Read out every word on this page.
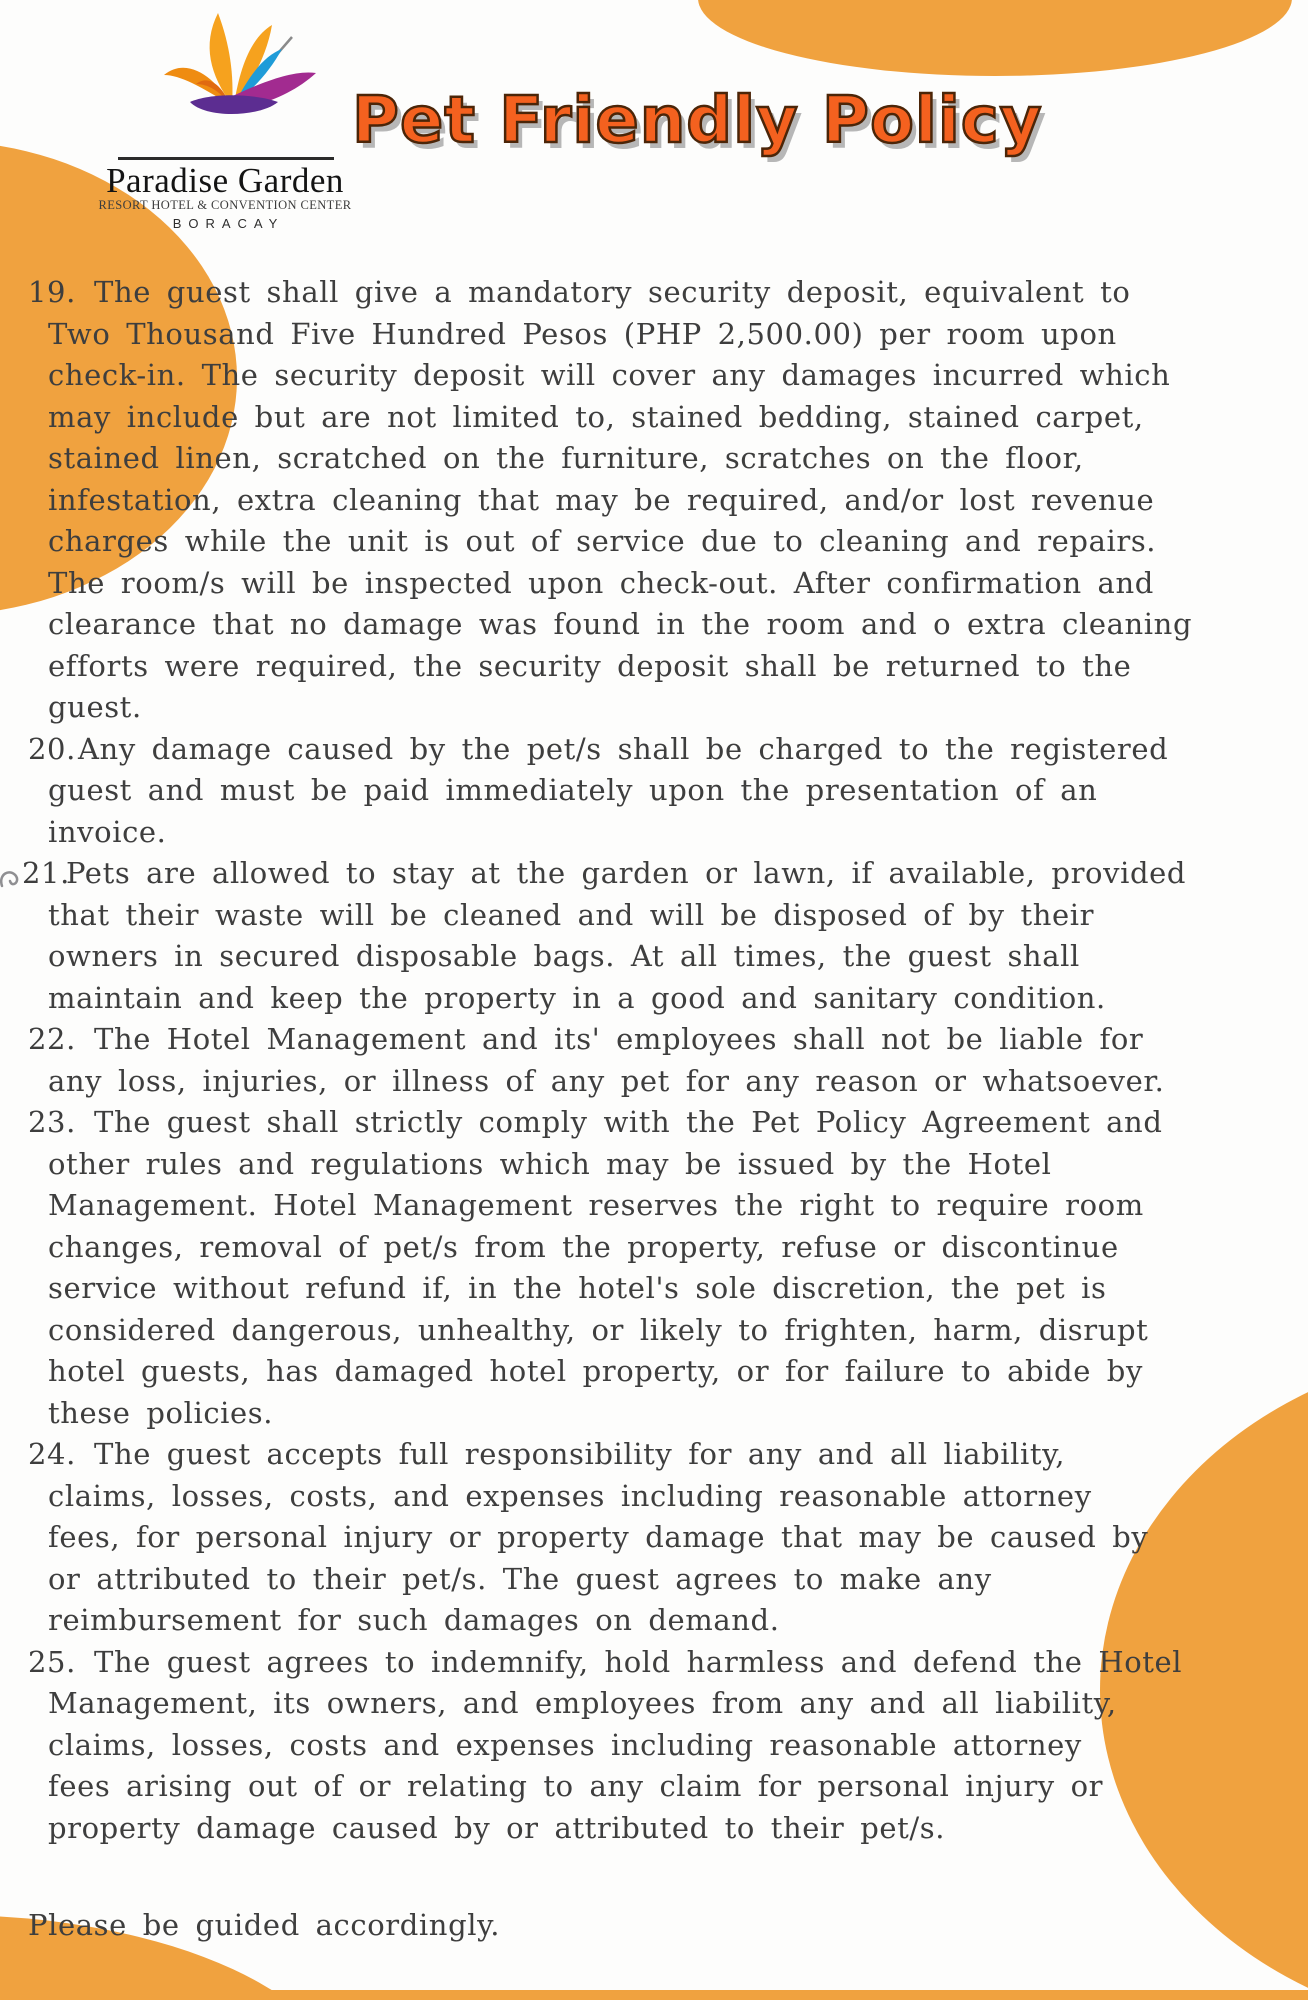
Paradise Garden
RESORT HOTEL & CONVENTION CENTER
BORACAY
Pet Friendly Policy
19. The guest shall give a mandatory security deposit, equivalent to
Two Thousand Five Hundred Pesos (PHP 2,500.00) per room upon
check-in. The security deposit will cover any damages incurred which
may include but are not limited to, stained bedding, stained carpet,
stained linen, scratched on the furniture, scratches on the floor,
infestation, extra cleaning that may be required, and/or lost revenue
charges while the unit is out of service due to cleaning and repairs.
The room/s will be inspected upon check-out. After confirmation and
clearance that no damage was found in the room and o extra cleaning
efforts were required, the security deposit shall be returned to the
guest.
20. Any damage caused by the pet/s shall be charged to the registered
guest and must be paid immediately upon the presentation of an
invoice.
21.
Pets are allowed to stay at the garden or lawn, if available, provided
that their waste will be cleaned and will be disposed of by their
owners in secured disposable bags. At all times, the guest shall
maintain and keep the property in a good and sanitary condition.
22. The Hotel Management and its' employees shall not be liable for
any loss, injuries, or illness of any pet for any reason or whatsoever.
23. The guest shall strictly comply with the Pet Policy Agreement and
other rules and regulations which may be issued by the Hotel
Management. Hotel Management reserves the right to require room
changes, removal of pet/s from the property, refuse or discontinue
service without refund if, in the hotel's sole discretion, the pet is
considered dangerous, unhealthy, or likely to frighten, harm, disrupt
hotel guests, has damaged hotel property, or for failure to abide by
these policies.
24. The guest accepts full responsibility for any and all liability,
claims, losses, costs, and expenses including reasonable attorney
fees, for personal injury or property damage that may be caused by
or attributed to their pet/s. The guest agrees to make any
reimbursement for such damages on demand.
25. The guest agrees to indemnify, hold harmless and defend the Hotel
Management, its owners, and employees from any and all liability,
claims, losses, costs and expenses including reasonable attorney
fees arising out of or relating to any claim for personal injury or
property damage caused by or attributed to their pet/s.
Please be guided accordingly.
